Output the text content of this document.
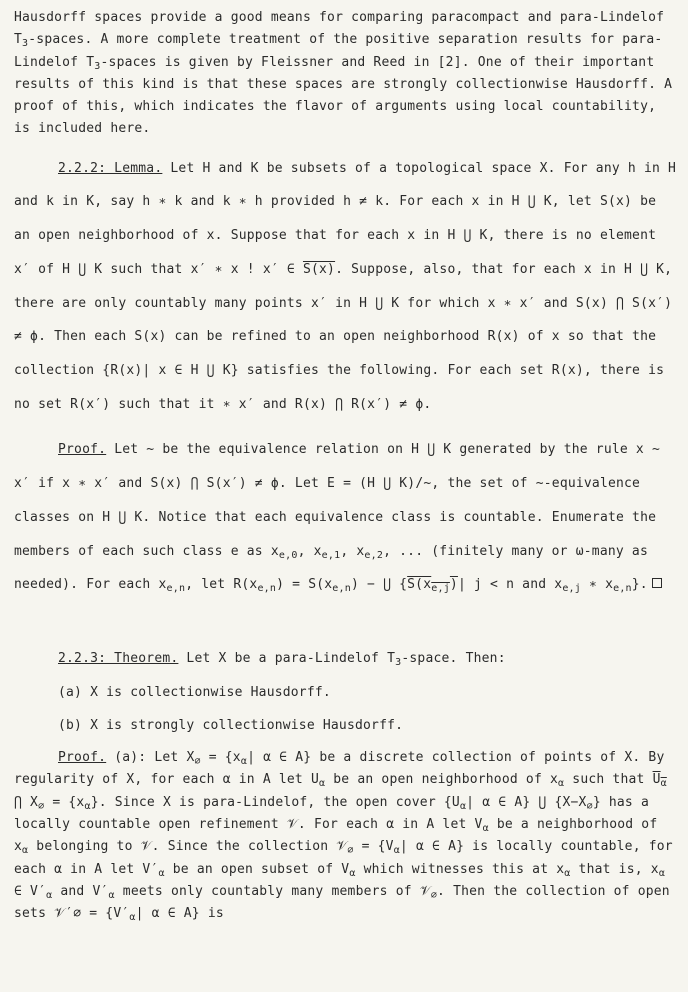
Hausdorff spaces provide a good means for comparing paracompact and para-Lindelof $T_3$-spaces. A more complete treatment of the positive separation results for para-Lindelof $T_3$-spaces is given by Fleissner and Reed in [2]. One of their important results of this kind is that these spaces are strongly collectionwise Hausdorff. A proof of this, which indicates the flavor of arguments using local countability, is included here.

2.2.2: Lemma. Let H and K be subsets of a topological space X. For any h in H and k in K, say h ∗ k and k ∗ h provided h ≠ k. For each x in H ⋃ K, let S(x) be an open neighborhood of x. Suppose that for each x in H ⋃ K, there is no element x′ of H ⋃ K such that x′ ∗ x ! x′ ∈ S(x). Suppose, also, that for each x in H ⋃ K, there are only countably many points x′ in H ⋃ K for which x ∗ x′ and S(x) ⋂ S(x′) ≠ ϕ. Then each S(x) can be refined to an open neighborhood R(x) of x so that the collection {R(x)| x ∈ H ⋃ K} satisfies the following. For each set R(x), there is no set R(x′) such that it ∗ x′ and R(x) ⋂ R(x′) ≠ ϕ.

Proof. Let ~ be the equivalence relation on H ⋃ K generated by the rule x ~ x′ if x ∗ x′ and S(x) ⋂ S(x′) ≠ ϕ. Let E = (H ⋃ K)/~, the set of ~-equivalence classes on H ⋃ K. Notice that each equivalence class is countable. Enumerate the members of each such class e as $x_{e,0}$, $x_{e,1}$, $x_{e,2}$, ... (finitely many or ω-many as needed). For each $x_{e,n}$, let $R(x_{e,n}) = S(x_{e,n})$ − ⋃ {$S(x_{e,j})|$ j < n and $x_{e,j}$ ∗ $x_{e,n}$}.

2.2.3: Theorem. Let X be a para-Lindelof $T_3$-space. Then:

(a) X is collectionwise Hausdorff.

(b) X is strongly collectionwise Hausdorff.

Proof. (a): Let $X_\emptyset = \{x_\alpha|$ α ∈ A} be a discrete collection of points of X. By regularity of X, for each α in A let $U_\alpha$ be an open neighborhood of $x_\alpha$ such that $U_\alpha$ ⋂ $X_\emptyset = \{x_\alpha\}$. Since X is para-Lindelof, the open cover {$U_\alpha|$ α ∈ A} ⋃ $\{X-X_\emptyset\}$ has a locally countable open refinement 𝒱. For each α in A let $V_\alpha$ be a neighborhood of $x_\alpha$ belonging to 𝒱. Since the collection 𝒱$_\emptyset$ = {$V_\alpha|$ α ∈ A} is locally countable, for each α in A let $V'_\alpha$ be an open subset of $V_\alpha$ which witnesses this at $x_\alpha$ that is, $x_\alpha$ ∈ $V'_\alpha$ and $V'_\alpha$ meets only countably many members of 𝒱$_\emptyset$. Then the collection of open sets 𝒱′∅ = {$V'_\alpha|$ α ∈ A} is
